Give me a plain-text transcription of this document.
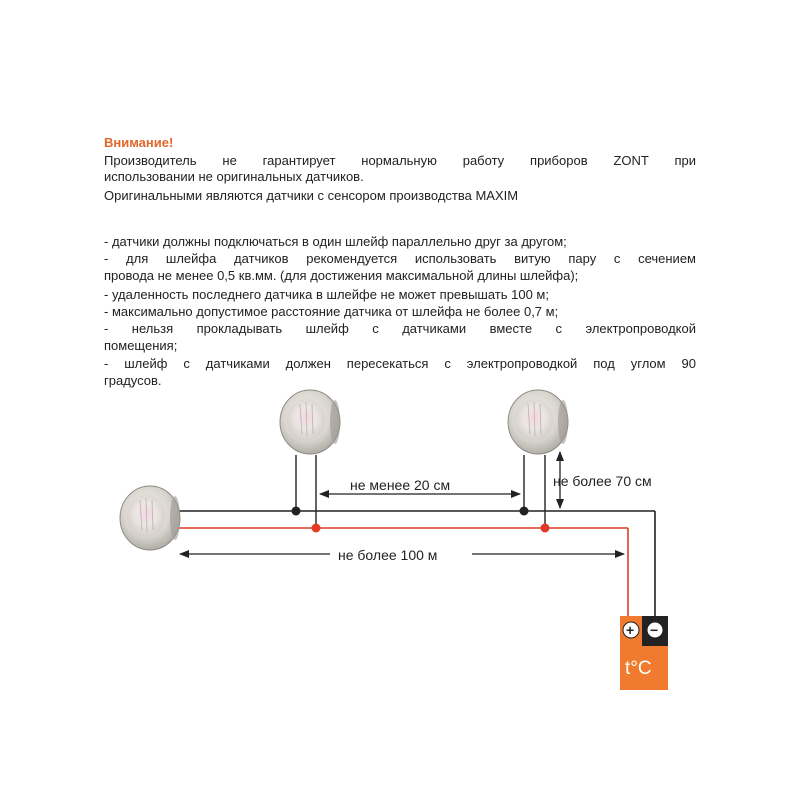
Внимание!
Производитель не гарантирует нормальную работу приборов ZONT при
использовании не оригинальных датчиков.
Оригинальными являются датчики с сенсором производства MAXIM
- датчики должны подключаться в один шлейф параллельно друг за другом;
- для шлейфа датчиков рекомендуется использовать витую пару с сечением
провода не менее 0,5 кв.мм. (для достижения максимальной длины шлейфа);
- удаленность последнего датчика в шлейфе не может превышать 100 м;
- максимально допустимое расстояние датчика от шлейфа не более 0,7 м;
- нельзя прокладывать шлейф с датчиками вместе с электропроводкой
помещения;
- шлейф с датчиками должен пересекаться с электропроводкой под углом 90
градусов.
не менее 20 см	не более 70 см
не более 100 м
+ −
t°C
